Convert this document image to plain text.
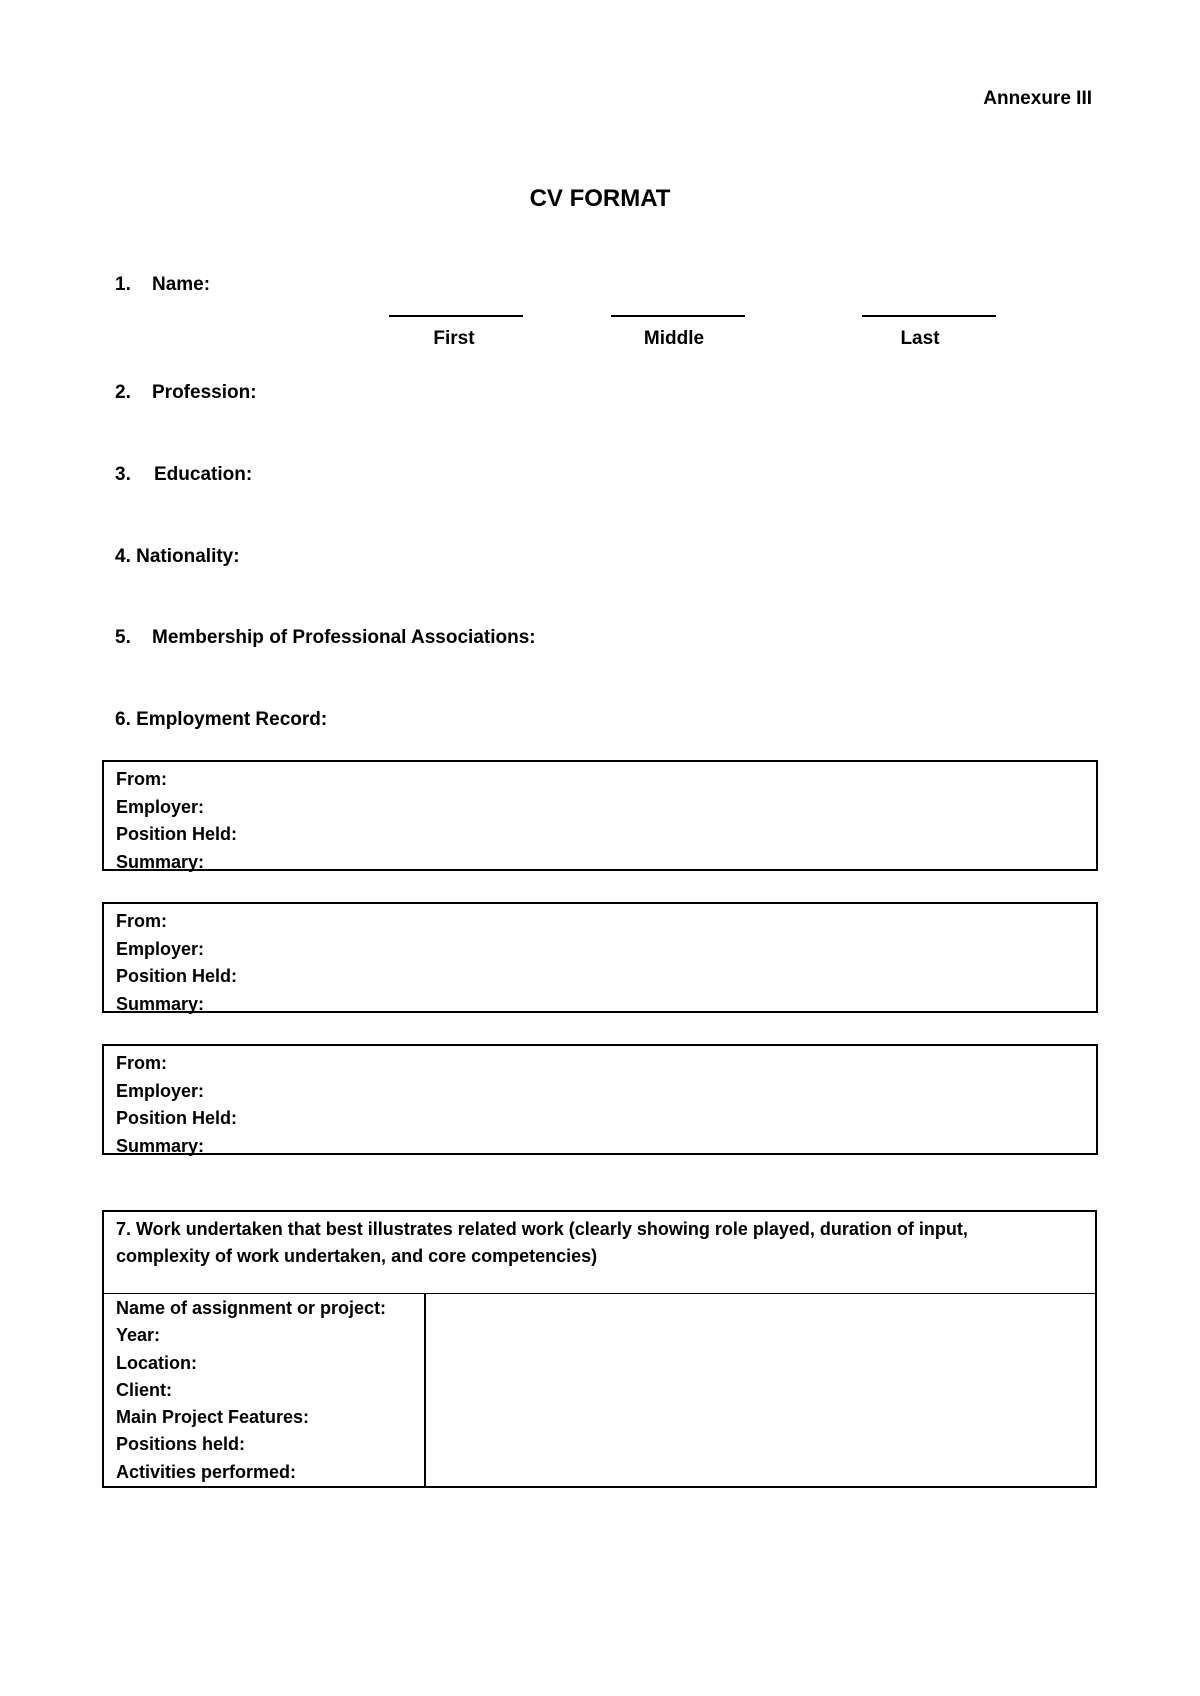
Annexure III
CV FORMAT
1. Name:
First	Middle	Last
2. Profession:
3. Education:
4. Nationality:
5. Membership of Professional Associations:
6. Employment Record:
From:
Employer:
Position Held:
Summary:
From:
Employer:
Position Held:
Summary:
From:
Employer:
Position Held:
Summary:
7. Work undertaken that best illustrates related work (clearly showing role played, duration of input,
complexity of work undertaken, and core competencies)
Name of assignment or project:
Year:
Location:
Client:
Main Project Features:
Positions held:
Activities performed:
